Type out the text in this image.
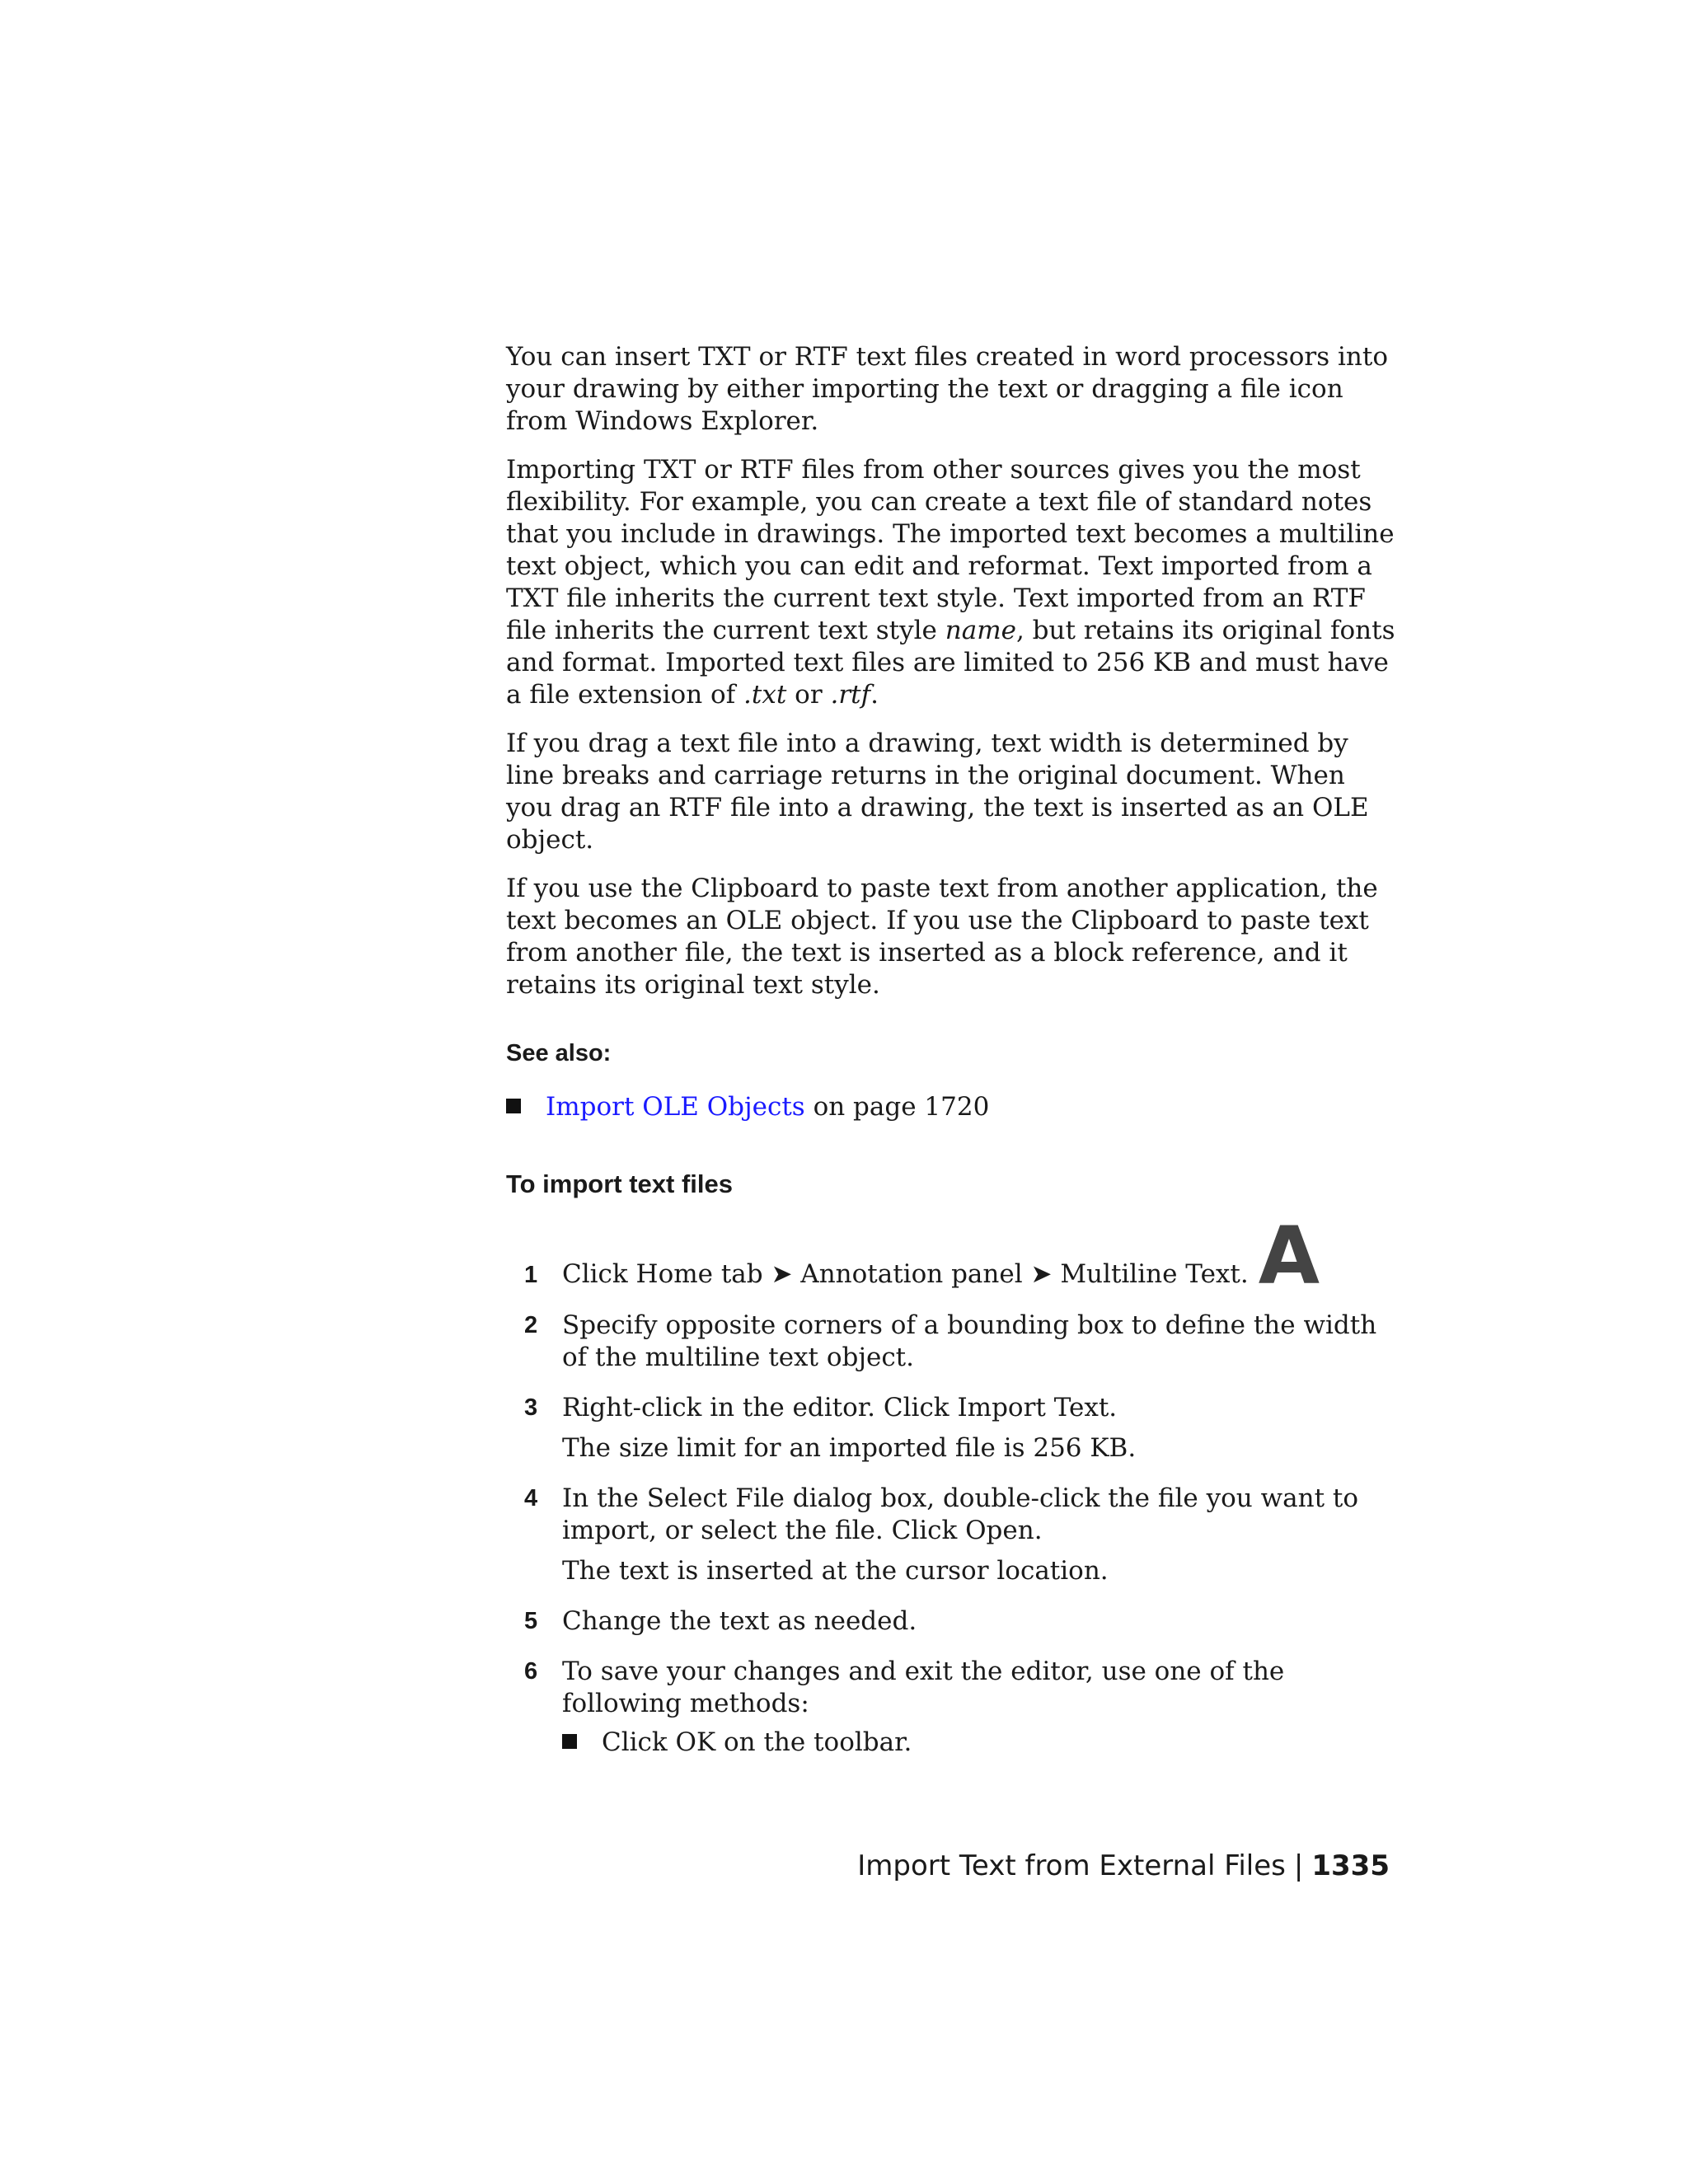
You can insert TXT or RTF text files created in word processors into your drawing by either importing the text or dragging a file icon from Windows Explorer.

Importing TXT or RTF files from other sources gives you the most flexibility. For example, you can create a text file of standard notes that you include in drawings. The imported text becomes a multiline text object, which you can edit and reformat. Text imported from a TXT file inherits the current text style. Text imported from an RTF file inherits the current text style name, but retains its original fonts and format. Imported text files are limited to 256 KB and must have a file extension of .txt or .rtf.

If you drag a text file into a drawing, text width is determined by line breaks and carriage returns in the original document. When you drag an RTF file into a drawing, the text is inserted as an OLE object.

If you use the Clipboard to paste text from another application, the text becomes an OLE object. If you use the Clipboard to paste text from another file, the text is inserted as a block reference, and it retains its original text style.

See also:
Import OLE Objects on page 1720
To import text files
1 Click Home tab ➤ Annotation panel ➤ Multiline Text. A
2 Specify opposite corners of a bounding box to define the width of the multiline text object.
3 Right-click in the editor. Click Import Text.
The size limit for an imported file is 256 KB.
4 In the Select File dialog box, double-click the file you want to import, or select the file. Click Open.
The text is inserted at the cursor location.
5 Change the text as needed.
6 To save your changes and exit the editor, use one of the following methods:
Click OK on the toolbar.
Import Text from External Files | 1335
